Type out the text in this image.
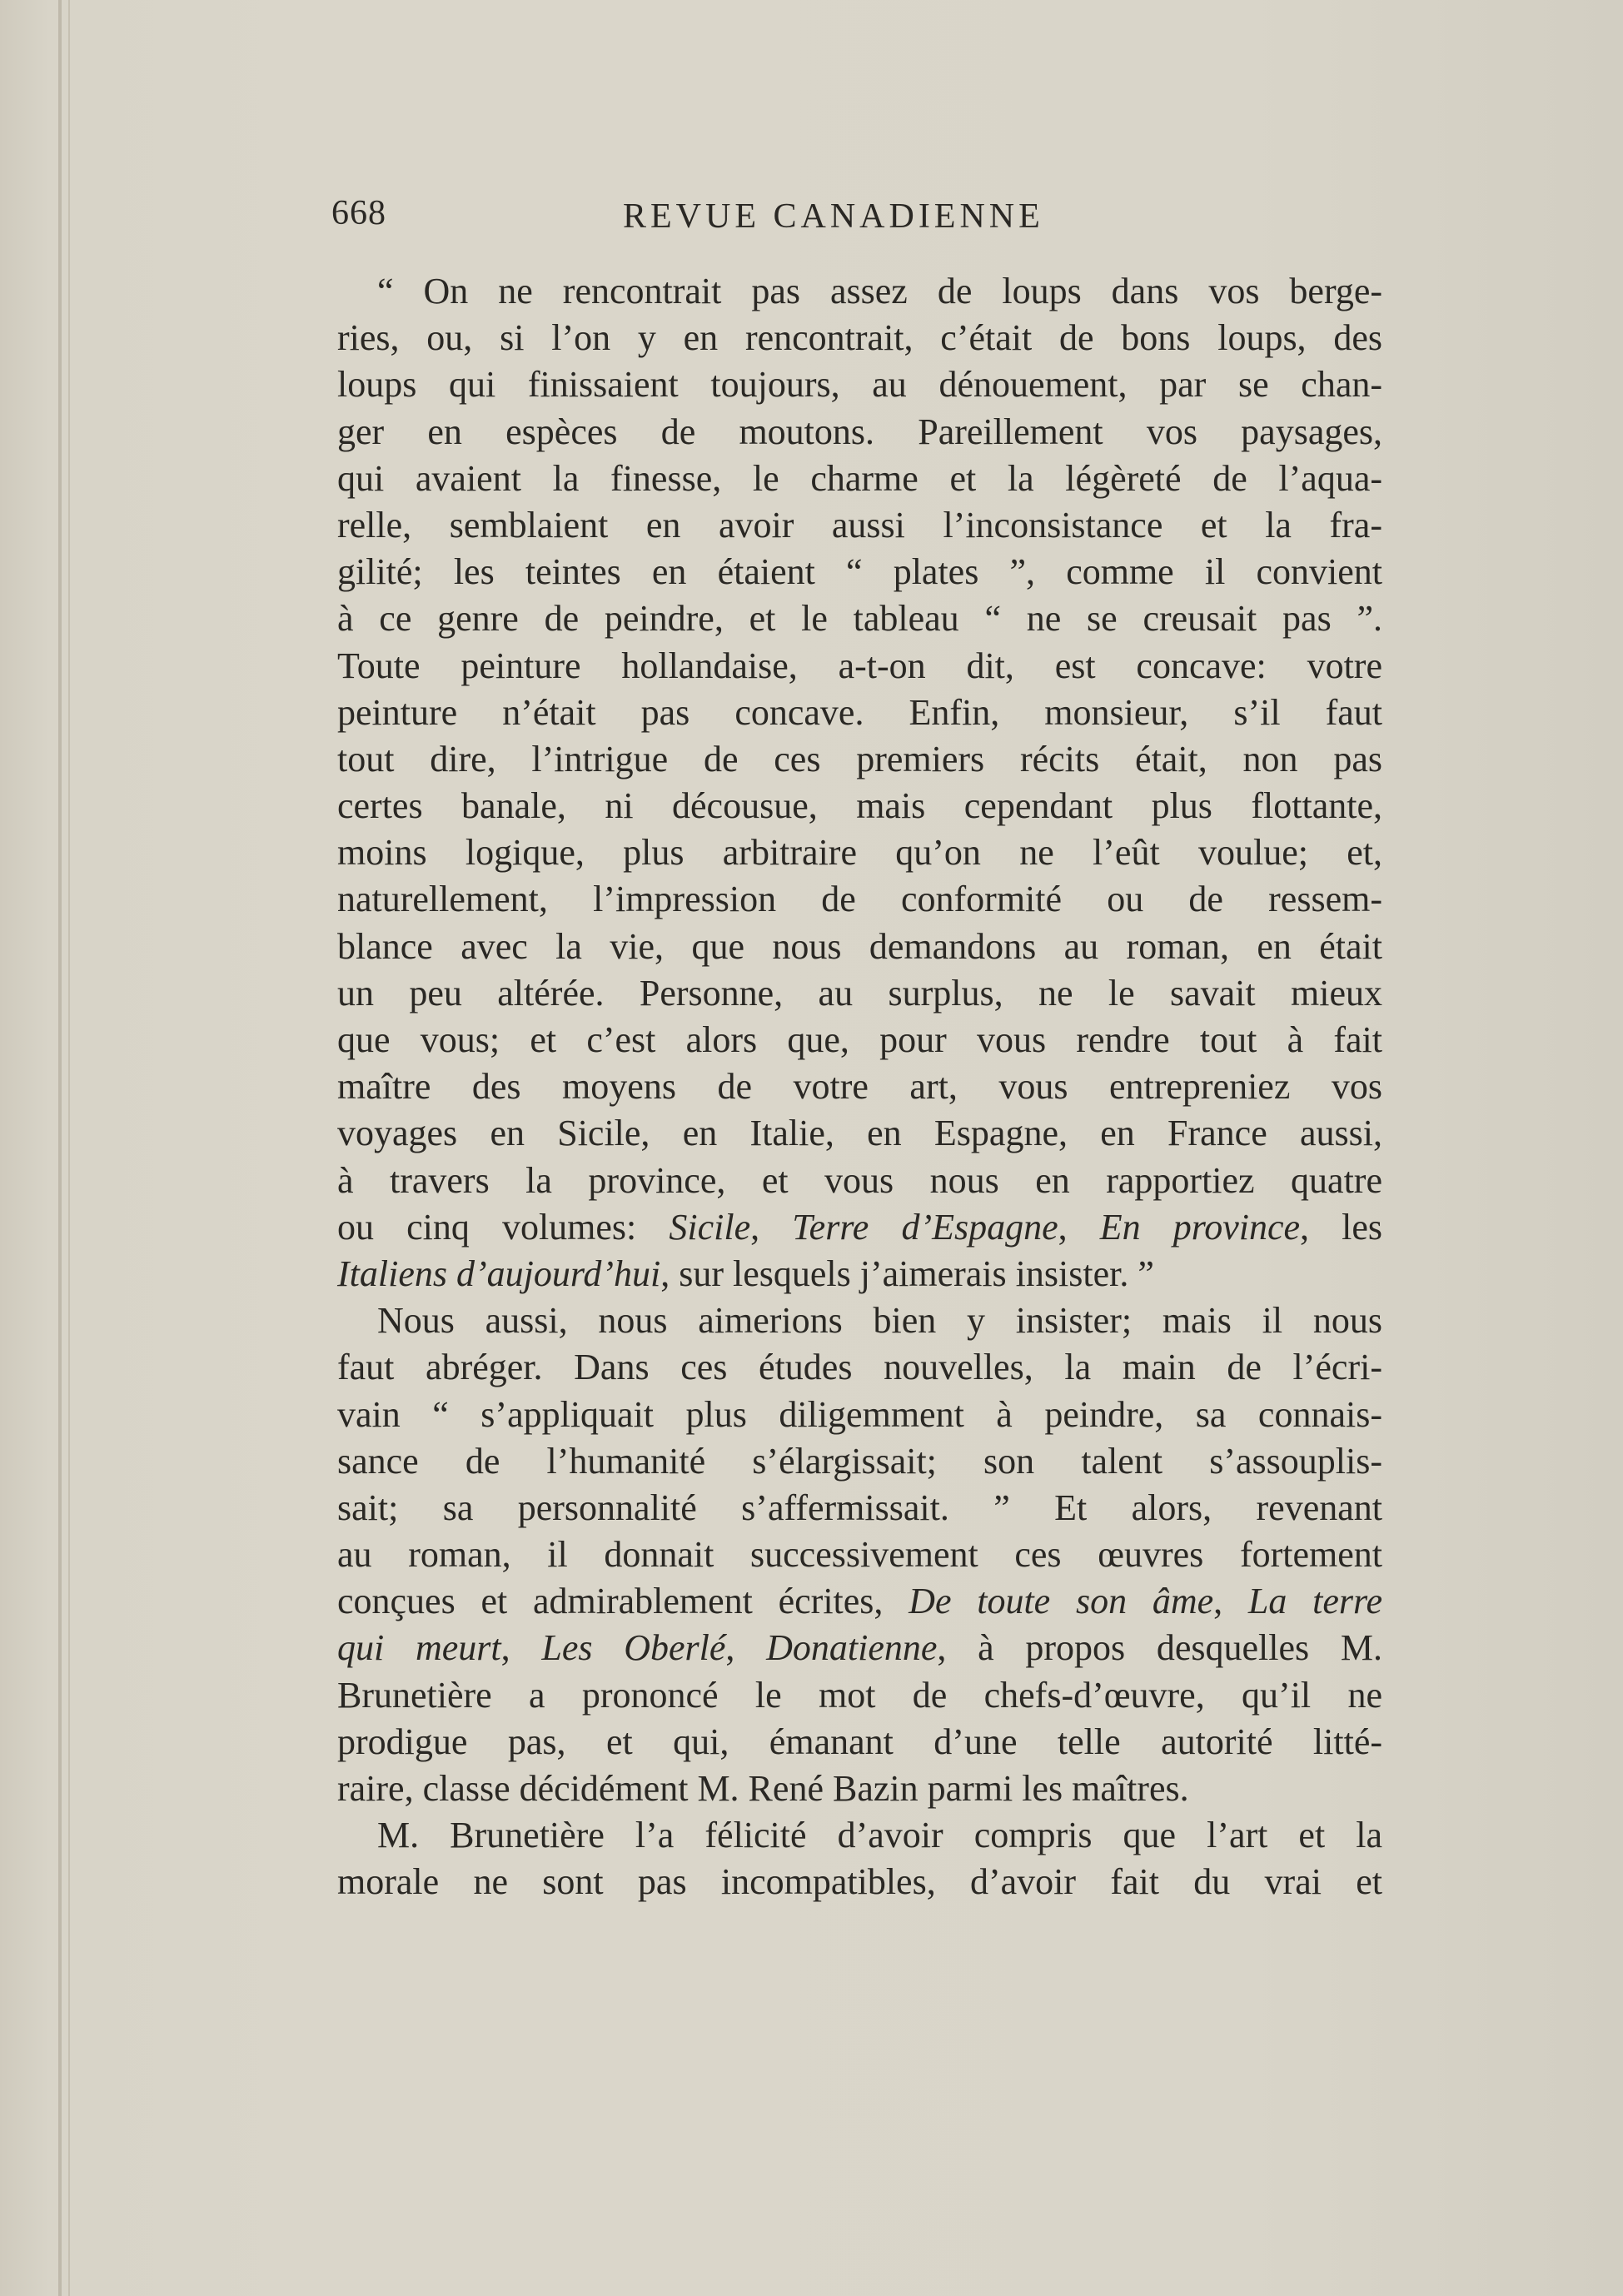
668	REVUE CANADIENNE
“ On ne rencontrait pas assez de loups dans vos berge-
ries, ou, si l’on y en rencontrait, c’était de bons loups, des
loups qui finissaient toujours, au dénouement, par se chan-
ger en espèces de moutons. Pareillement vos paysages,
qui avaient la finesse, le charme et la légèreté de l’aqua-
relle, semblaient en avoir aussi l’inconsistance et la fra-
gilité; les teintes en étaient “ plates ”, comme il convient
à ce genre de peindre, et le tableau “ ne se creusait pas ”.
Toute peinture hollandaise, a-t-on dit, est concave: votre
peinture n’était pas concave. Enfin, monsieur, s’il faut
tout dire, l’intrigue de ces premiers récits était, non pas
certes banale, ni décousue, mais cependant plus flottante,
moins logique, plus arbitraire qu’on ne l’eût voulue; et,
naturellement, l’impression de conformité ou de ressem-
blance avec la vie, que nous demandons au roman, en était
un peu altérée. Personne, au surplus, ne le savait mieux
que vous; et c’est alors que, pour vous rendre tout à fait
maître des moyens de votre art, vous entrepreniez vos
voyages en Sicile, en Italie, en Espagne, en France aussi,
à travers la province, et vous nous en rapportiez quatre
ou cinq volumes: Sicile, Terre d’Espagne, En province, les
Italiens d’aujourd’hui, sur lesquels j’aimerais insister. ”
Nous aussi, nous aimerions bien y insister; mais il nous
faut abréger. Dans ces études nouvelles, la main de l’écri-
vain “ s’appliquait plus diligemment à peindre, sa connais-
sance de l’humanité s’élargissait; son talent s’assouplis-
sait; sa personnalité s’affermissait. ” Et alors, revenant
au roman, il donnait successivement ces œuvres fortement
conçues et admirablement écrites, De toute son âme, La terre
qui meurt, Les Oberlé, Donatienne, à propos desquelles M.
Brunetière a prononcé le mot de chefs-d’œuvre, qu’il ne
prodigue pas, et qui, émanant d’une telle autorité litté-
raire, classe décidément M. René Bazin parmi les maîtres.
M. Brunetière l’a félicité d’avoir compris que l’art et la
morale ne sont pas incompatibles, d’avoir fait du vrai et
